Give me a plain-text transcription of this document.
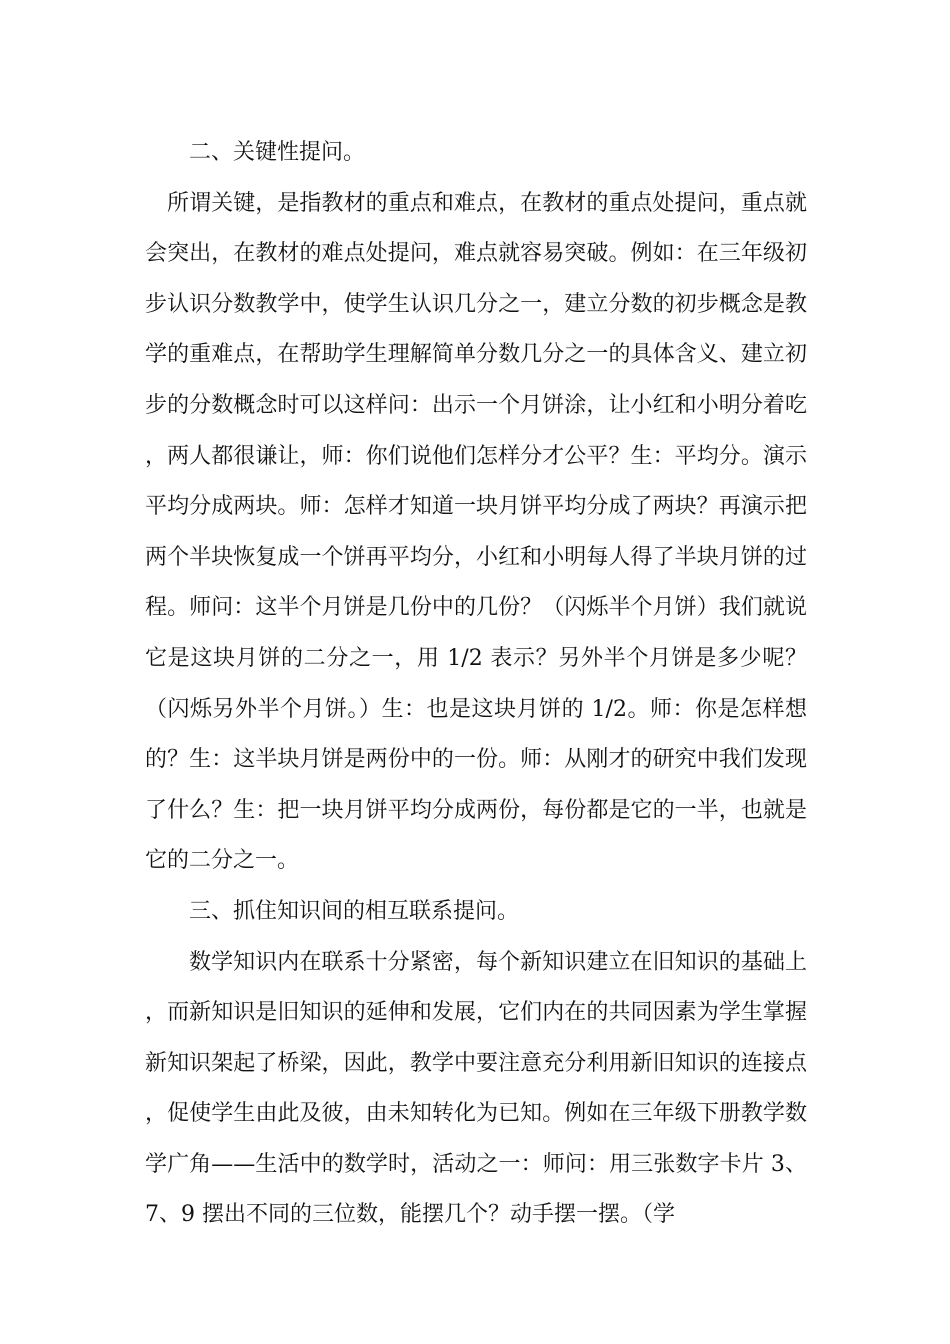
二、关键性提问。

所谓关键，是指教材的重点和难点，在教材的重点处提问，重点就会突出，在教材的难点处提问，难点就容易突破。例如：在三年级初步认识分数教学中，使学生认识几分之一，建立分数的初步概念是教学的重难点，在帮助学生理解简单分数几分之一的具体含义、建立初步的分数概念时可以这样问：出示一个月饼涂，让小红和小明分着吃，两人都很谦让，师：你们说他们怎样分才公平？生：平均分。演示平均分成两块。师：怎样才知道一块月饼平均分成了两块？再演示把两个半块恢复成一个饼再平均分，小红和小明每人得了半块月饼的过程。师问：这半个月饼是几份中的几份？（闪烁半个月饼）我们就说它是这块月饼的二分之一，用 1/2 表示？另外半个月饼是多少呢？（闪烁另外半个月饼。）生：也是这块月饼的 1/2。师：你是怎样想的？生：这半块月饼是两份中的一份。师：从刚才的研究中我们发现了什么？生：把一块月饼平均分成两份，每份都是它的一半，也就是它的二分之一。

三、抓住知识间的相互联系提问。

数学知识内在联系十分紧密，每个新知识建立在旧知识的基础上，而新知识是旧知识的延伸和发展，它们内在的共同因素为学生掌握新知识架起了桥梁，因此，教学中要注意充分利用新旧知识的连接点，促使学生由此及彼，由未知转化为已知。例如在三年级下册教学数学广角——生活中的数学时，活动之一：师问：用三张数字卡片 3、7、9 摆出不同的三位数，能摆几个？动手摆一摆。（学
